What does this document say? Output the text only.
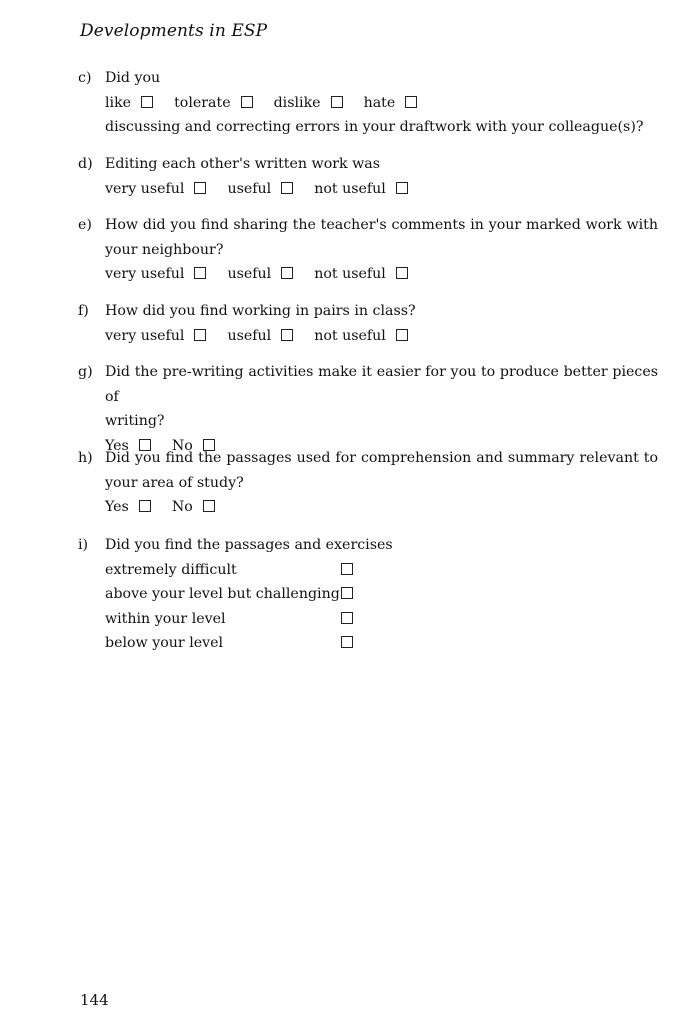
Developments in ESP
c) Did you
like	tolerate	dislike	hate
discussing and correcting errors in your draftwork with your colleague(s)?
d) Editing each other's written work was
very useful	useful	not useful
e) How did you find sharing the teacher's comments in your marked work with
your neighbour?
very useful	useful	not useful
f)	How did you find working in pairs in class?
very useful	useful	not useful
g) Did the pre-writing activities make it easier for you to produce better pieces of
writing?
Yes	No
h) Did you find the passages used for comprehension and summary relevant to
your area of study?
Yes	No
i)	Did you find the passages and exercises
extremely difficult
above your level but challenging
within your level
below your level
144
